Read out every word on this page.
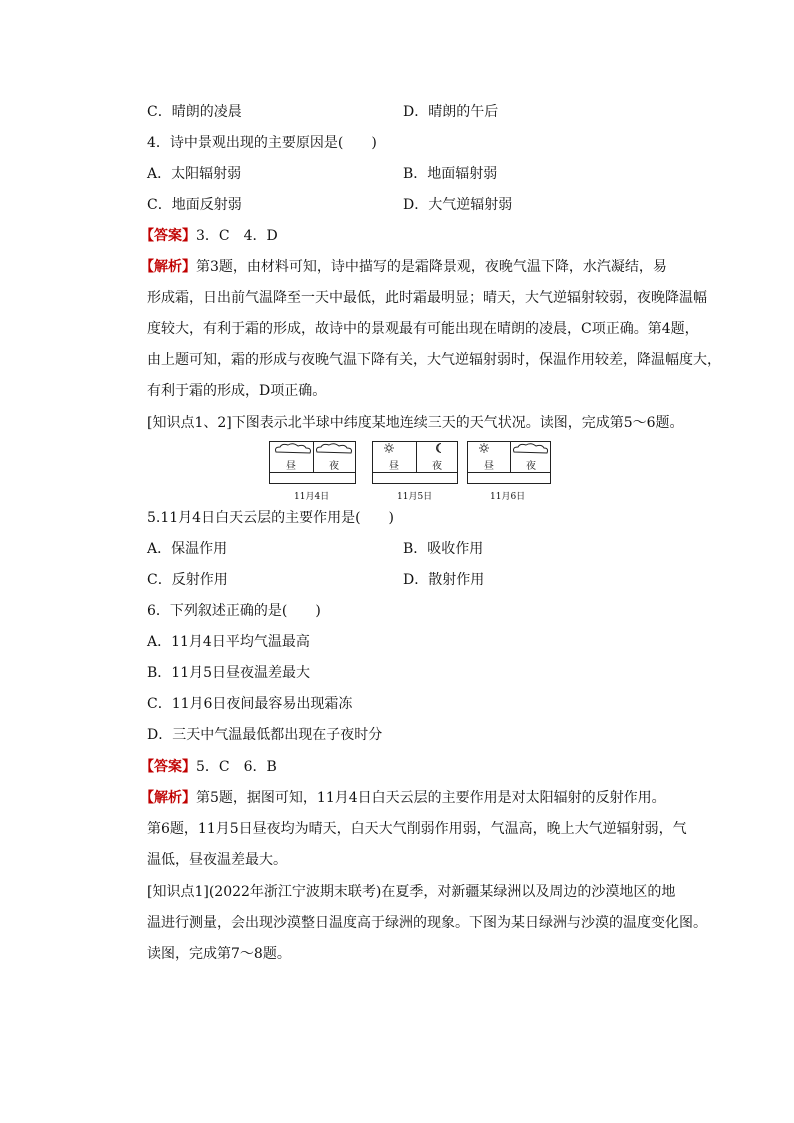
C．晴朗的凌晨	D．晴朗的午后
4．诗中景观出现的主要原因是(　　)
A．太阳辐射弱	B．地面辐射弱
C．地面反射弱	D．大气逆辐射弱
【答案】3．C　4．D
【解析】第3题，由材料可知，诗中描写的是霜降景观，夜晚气温下降，水汽凝结，易
形成霜，日出前气温降至一天中最低，此时霜最明显；晴天，大气逆辐射较弱，夜晚降温幅
度较大，有利于霜的形成，故诗中的景观最有可能出现在晴朗的凌晨，C项正确。第4题，
由上题可知，霜的形成与夜晚气温下降有关，大气逆辐射弱时，保温作用较差，降温幅度大，
有利于霜的形成，D项正确。
[知识点1、2]下图表示北半球中纬度某地连续三天的天气状况。读图，完成第5～6题。
昼	夜
11月4日
昼	夜
11月5日
昼	夜
11月6日
5.11月4日白天云层的主要作用是(　　)
A．保温作用	B．吸收作用
C．反射作用	D．散射作用
6．下列叙述正确的是(　　)
A．11月4日平均气温最高
B．11月5日昼夜温差最大
C．11月6日夜间最容易出现霜冻
D．三天中气温最低都出现在子夜时分
【答案】5．C　6．B
【解析】第5题，据图可知，11月4日白天云层的主要作用是对太阳辐射的反射作用。
第6题，11月5日昼夜均为晴天，白天大气削弱作用弱，气温高，晚上大气逆辐射弱，气
温低，昼夜温差最大。
[知识点1](2022年浙江宁波期末联考)在夏季，对新疆某绿洲以及周边的沙漠地区的地
温进行测量，会出现沙漠整日温度高于绿洲的现象。下图为某日绿洲与沙漠的温度变化图。
读图，完成第7～8题。
